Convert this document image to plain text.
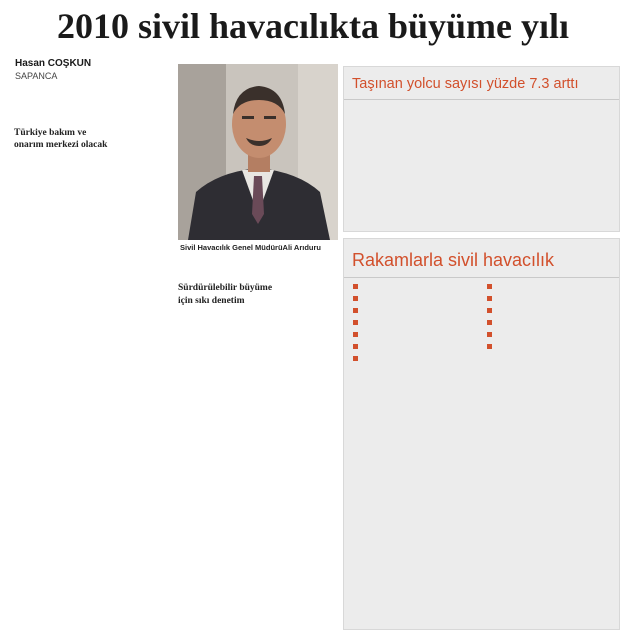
2010 sivil havacılıkta büyüme yılı
Hasan COŞKUN
SAPANCA

Türkiye bakım ve

onarım merkezi olacak

Sivil Havacılık Genel MüdürüAli Arıduru

Sürdürülebilir büyüme

için sıkı denetim

Taşınan yolcu sayısı yüzde 7.3 arttı
Rakamlarla sivil havacılık
